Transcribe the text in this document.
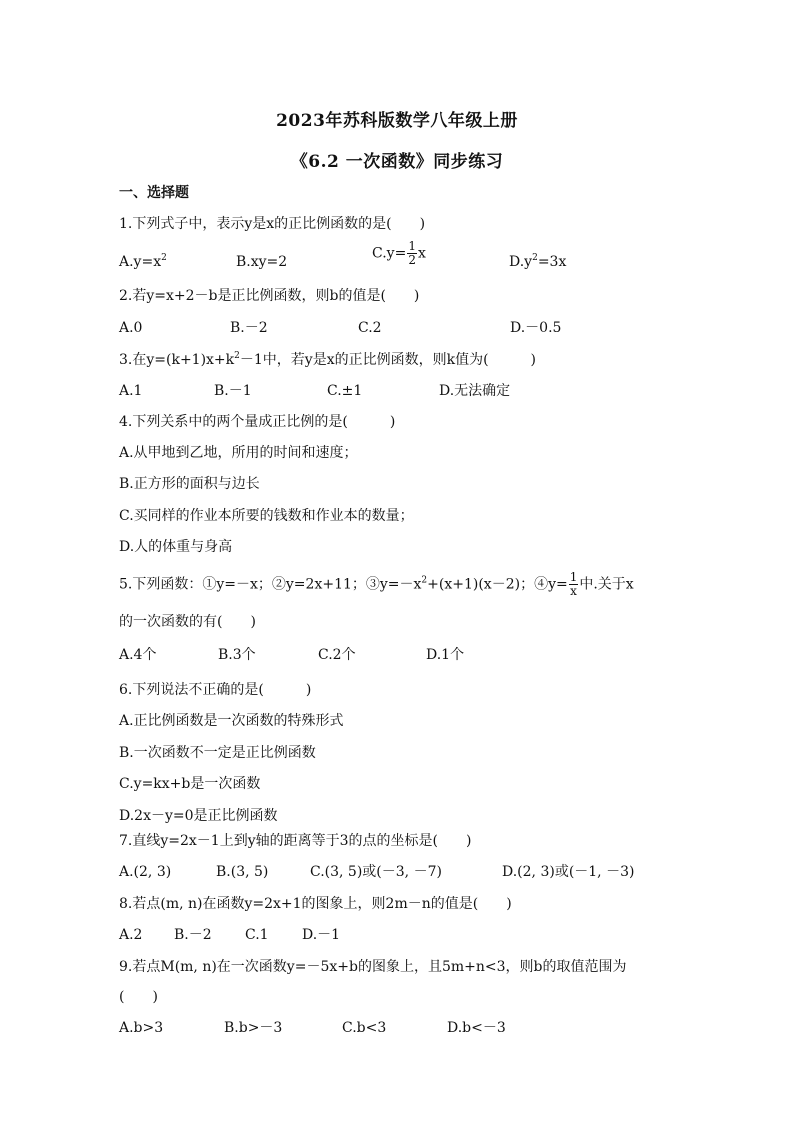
2023年苏科版数学八年级上册
《6.2 一次函数》同步练习
一、选择题
1.下列式子中，表示y是x的正比例函数的是(　　)
$A.y=x^2$	B.xy=2
$C.y= \frac{1}{2}$ x
$D.y^2=3x$
2.若y=x+2－b是正比例函数，则b的值是(　　)
A.0	B.－2	C.2	D.－0.5
3.在$y=(k+1)x+k^2-1$中，若y是x的正比例函数，则k值为(　　　)
A.1	B.－1	C.±1	D.无法确定
4.下列关系中的两个量成正比例的是(　　　)
A.从甲地到乙地，所用的时间和速度；
B.正方形的面积与边长
C.买同样的作业本所要的钱数和作业本的数量；
D.人的体重与身高
5.下列函数：①y=－x；②y=2x+11；$③y=-x^2+(x+1)(x-2)$；④y= $\frac{1}{x}$ 中.关于x
的一次函数的有(　　)
A.4个	B.3个	C.2个	D.1个
6.下列说法不正确的是(　　　)
A.正比例函数是一次函数的特殊形式
B.一次函数不一定是正比例函数
C.y=kx+b是一次函数
D.2x－y=0是正比例函数
7.直线y=2x－1上到y轴的距离等于3的点的坐标是(　　)
A.(2, 3)	B.(3, 5)	C.(3, 5)或(－3, －7)	D.(2, 3)或(－1, －3)
8.若点(m, n)在函数y=2x+1的图象上，则2m－n的值是(　　)
A.2 B.－2 C.1 D.－1
9.若点M(m, n)在一次函数y=－5x+b的图象上，且5m+n<3，则b的取值范围为
(　　)
A.b>3	B.b>－3	C.b<3	D.b<－3
